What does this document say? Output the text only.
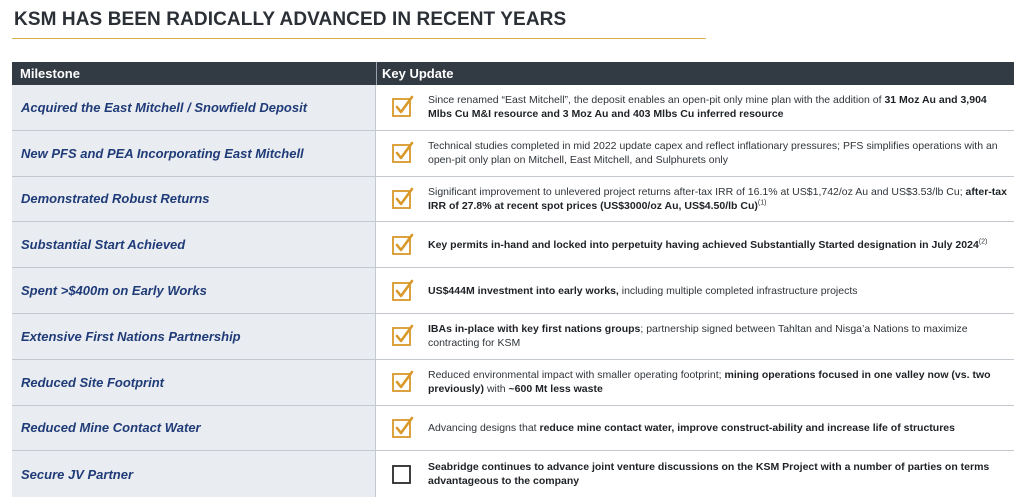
KSM HAS BEEN RADICALLY ADVANCED IN RECENT YEARS
Milestone	Key Update
Acquired the East Mitchell / Snowfield Deposit	Since renamed “East Mitchell”, the deposit enables an open-pit only mine plan with the addition of 31 Moz Au and 3,904 Mlbs Cu M&I resource and 3 Moz Au and 403 Mlbs Cu inferred resource
New PFS and PEA Incorporating East Mitchell	Technical studies completed in mid 2022 update capex and reflect inflationary pressures; PFS simplifies operations with an open-pit only plan on Mitchell, East Mitchell, and Sulphurets only
Demonstrated Robust Returns	Significant improvement to unlevered project returns after-tax IRR of 16.1% at US$1,742/oz Au and US$3.53/lb Cu; after-tax IRR of 27.8% at recent spot prices (US$3000/oz Au, US$4.50/lb Cu)$^{(1)}$
Substantial Start Achieved	Key permits in-hand and locked into perpetuity having achieved Substantially Started designation in July 2024$^{(2)}$
Spent >$400m on Early Works	US$444M investment into early works, including multiple completed infrastructure projects
Extensive First Nations Partnership	IBAs in-place with key first nations groups; partnership signed between Tahltan and Nisga’a Nations to maximize contracting for KSM
Reduced Site Footprint	Reduced environmental impact with smaller operating footprint; mining operations focused in one valley now (vs. two previously) with ~600 Mt less waste
Reduced Mine Contact Water	Advancing designs that reduce mine contact water, improve construct-ability and increase life of structures
Secure JV Partner	Seabridge continues to advance joint venture discussions on the KSM Project with a number of parties on terms advantageous to the company
